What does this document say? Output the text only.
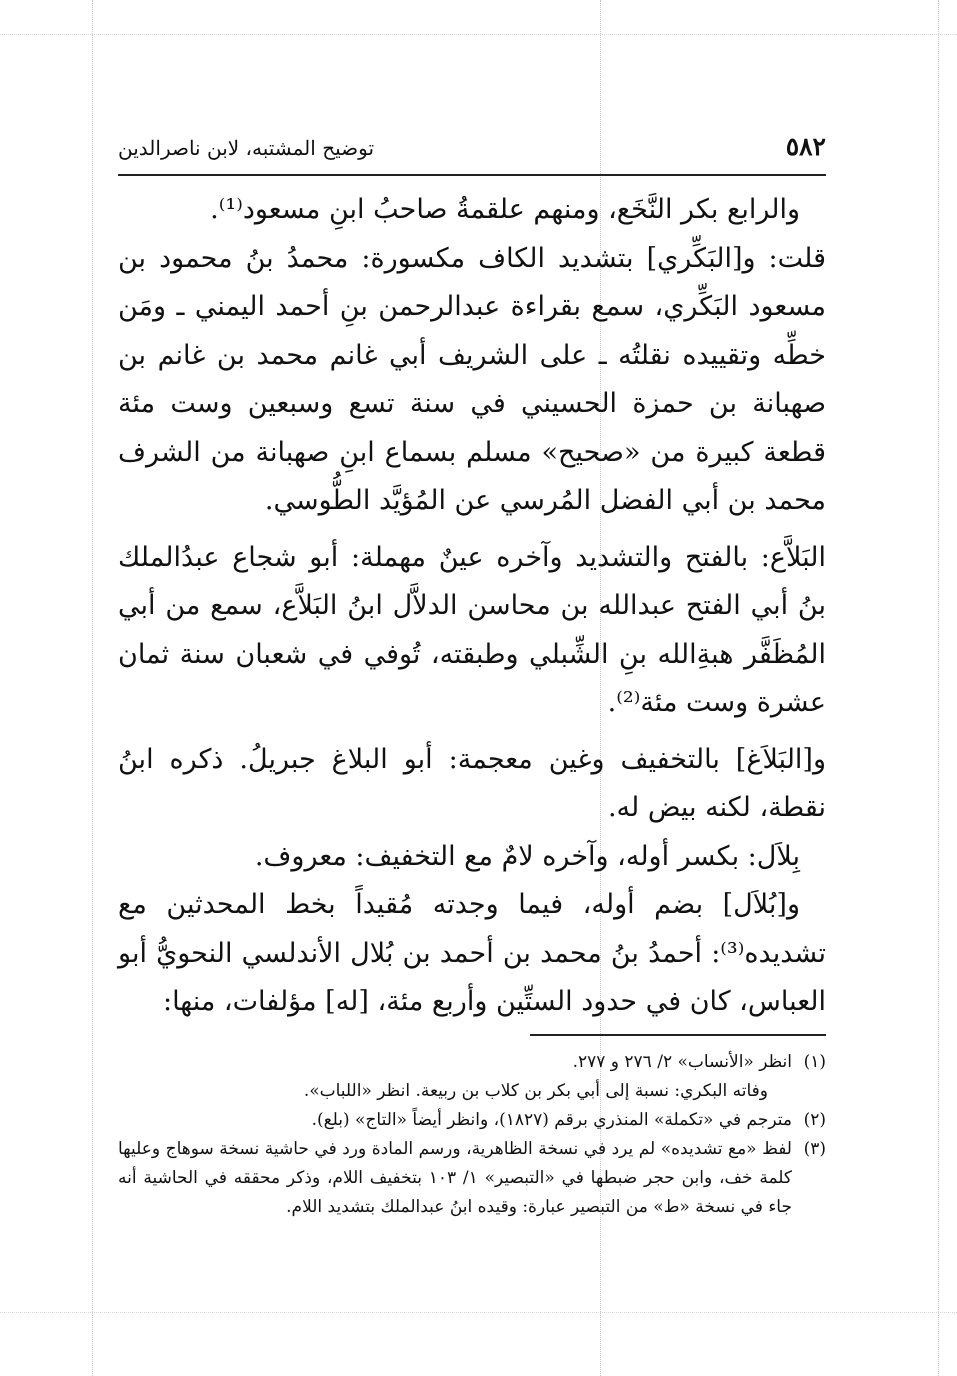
٥٨٢
توضيح المشتبه، لابن ناصرالدين

والرابع بكر النَّخَع، ومنهم علقمةُ صاحبُ ابنِ مسعود⁽¹⁾.

قلت: و[البَكِّري] بتشديد الكاف مكسورة: محمدُ بنُ محمود بن مسعود البَكِّري، سمع بقراءة عبدالرحمن بنِ أحمد اليمني ـ ومَن خطِّه وتقييده نقلتُه ـ على الشريف أبي غانم محمد بن غانم بن صهبانة بن حمزة الحسيني في سنة تسع وسبعين وست مئة قطعة كبيرة من «صحيح» مسلم بسماع ابنِ صهبانة من الشرف محمد بن أبي الفضل المُرسي عن المُؤيَّد الطُّوسي.

البَلاَّع: بالفتح والتشديد وآخره عينٌ مهملة: أبو شجاع عبدُالملك بنُ أبي الفتح عبدالله بن محاسن الدلاَّل ابنُ البَلاَّع، سمع من أبي المُظَفَّر هبةِالله بنِ الشِّبلي وطبقته، تُوفي في شعبان سنة ثمان عشرة وست مئة⁽²⁾.

و[البَلاَغ] بالتخفيف وغين معجمة: أبو البلاغ جبريلُ. ذكره ابنُ نقطة، لكنه بيض له.

بِلاَل: بكسر أوله، وآخره لامٌ مع التخفيف: معروف.

و[بُلاَل] بضم أوله، فيما وجدته مُقيداً بخط المحدثين مع تشديده⁽³⁾: أحمدُ بنُ محمد بن أحمد بن بُلال الأندلسي النحويُّ أبو العباس، كان في حدود الستِّين وأربع مئة، [له] مؤلفات، منها:

(١)
انظر «الأنساب» ٢/ ٢٧٦ و ٢٧٧.
وفاته البكري: نسبة إلى أبي بكر بن كلاب بن ربيعة. انظر «اللباب».
(٢)
مترجم في «تكملة» المنذري برقم (١٨٢٧)، وانظر أيضاً «التاج» (بلع).
(٣)
لفظ «مع تشديده» لم يرد في نسخة الظاهرية، ورسم المادة ورد في حاشية نسخة سوهاج وعليها كلمة خف، وابن حجر ضبطها في «التبصير» ١/ ١٠٣ بتخفيف اللام، وذكر محققه في الحاشية أنه جاء في نسخة «ط» من التبصير عبارة: وقيده ابنُ عبدالملك بتشديد اللام.
